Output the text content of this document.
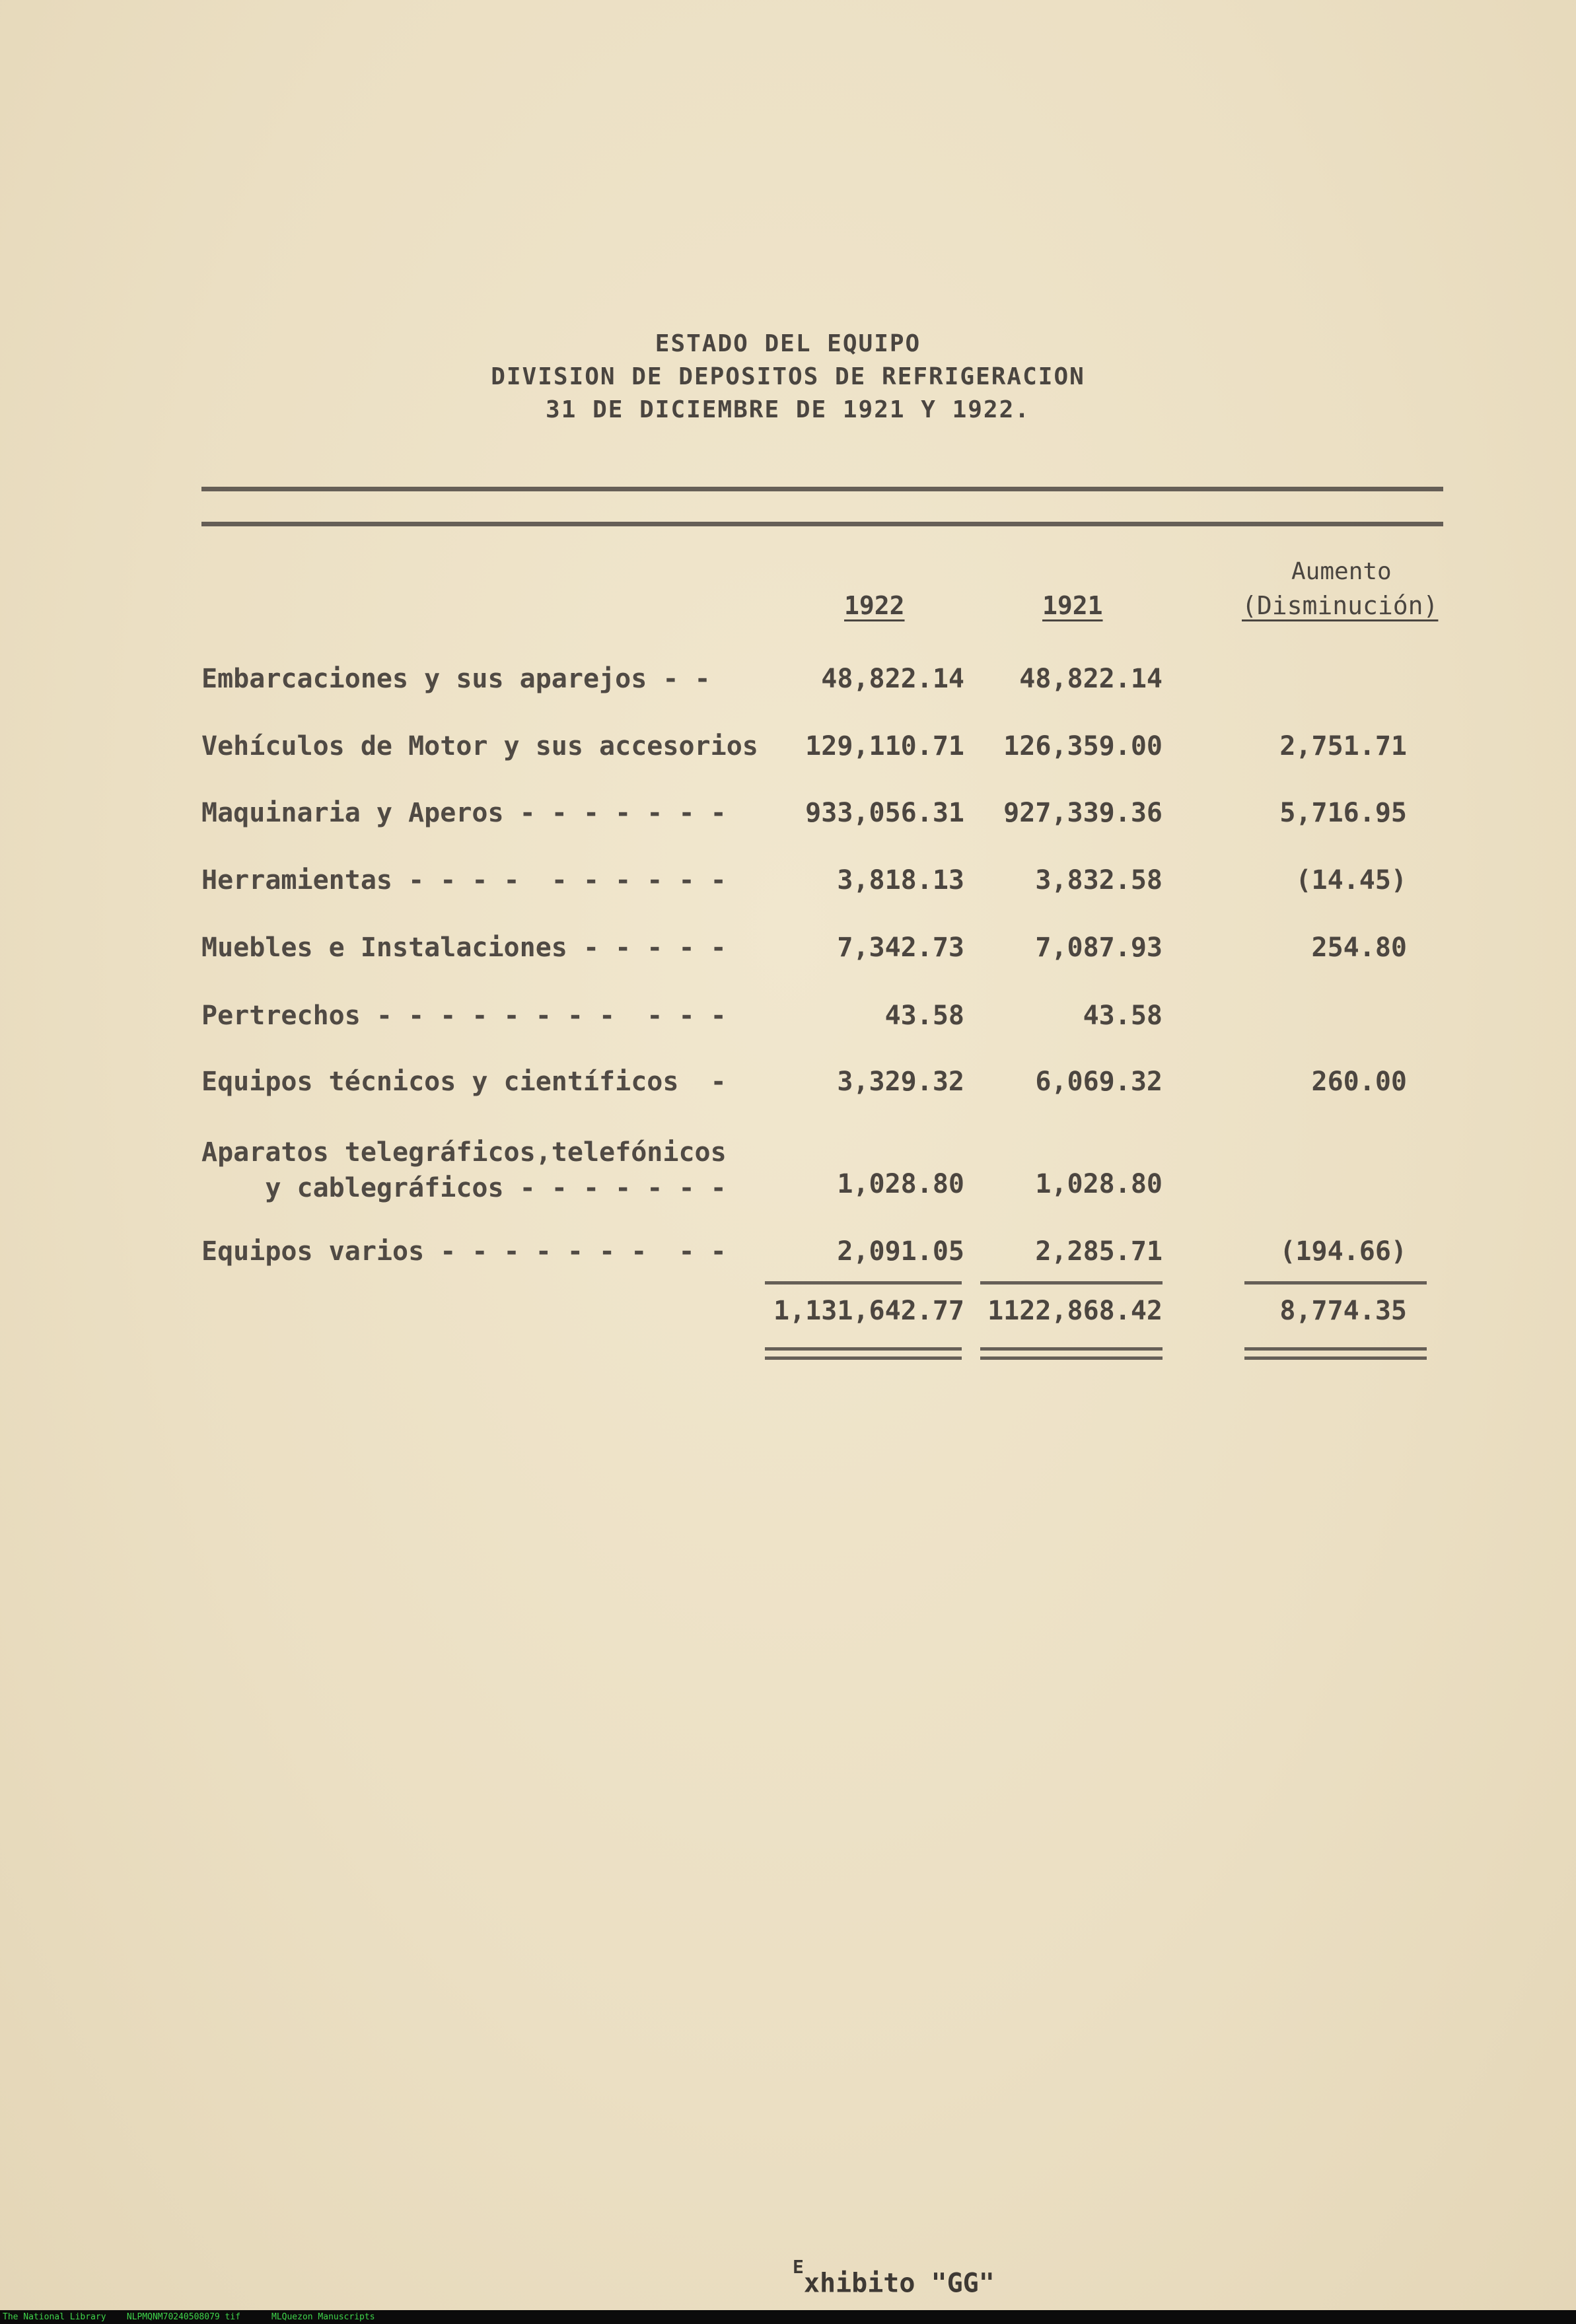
ESTADO DEL EQUIPO
DIVISION DE DEPOSITOS DE REFRIGERACION
31 DE DICIEMBRE DE 1921 Y 1922.
1922	1921
Aumento
(Disminución)
Embarcaciones y sus aparejos - -	48,822.14	48,822.14
Vehículos de Motor y sus accesorios	129,110.71	126,359.00	2,751.71
Maquinaria y Aperos - - - - - - -	933,056.31	927,339.36	5,716.95
Herramientas - - - -  - - - - - -	3,818.13	3,832.58	(14.45)
Muebles e Instalaciones - - - - -	7,342.73	7,087.93	254.80
Pertrechos - - - - - - - -  - - -	43.58	43.58
Equipos técnicos y científicos  -	3,329.32	6,069.32	260.00
Aparatos telegráficos,telefónicos
y cablegráficos - - - - - - -	1,028.80	1,028.80
Equipos varios - - - - - - -  - -	2,091.05	2,285.71	(194.66)
1,131,642.77 1122,868.42	8,774.35
$^E$xhibito "GG"
The National Library    NLPMQNM70240508079 tif      MLQuezon Manuscripts
